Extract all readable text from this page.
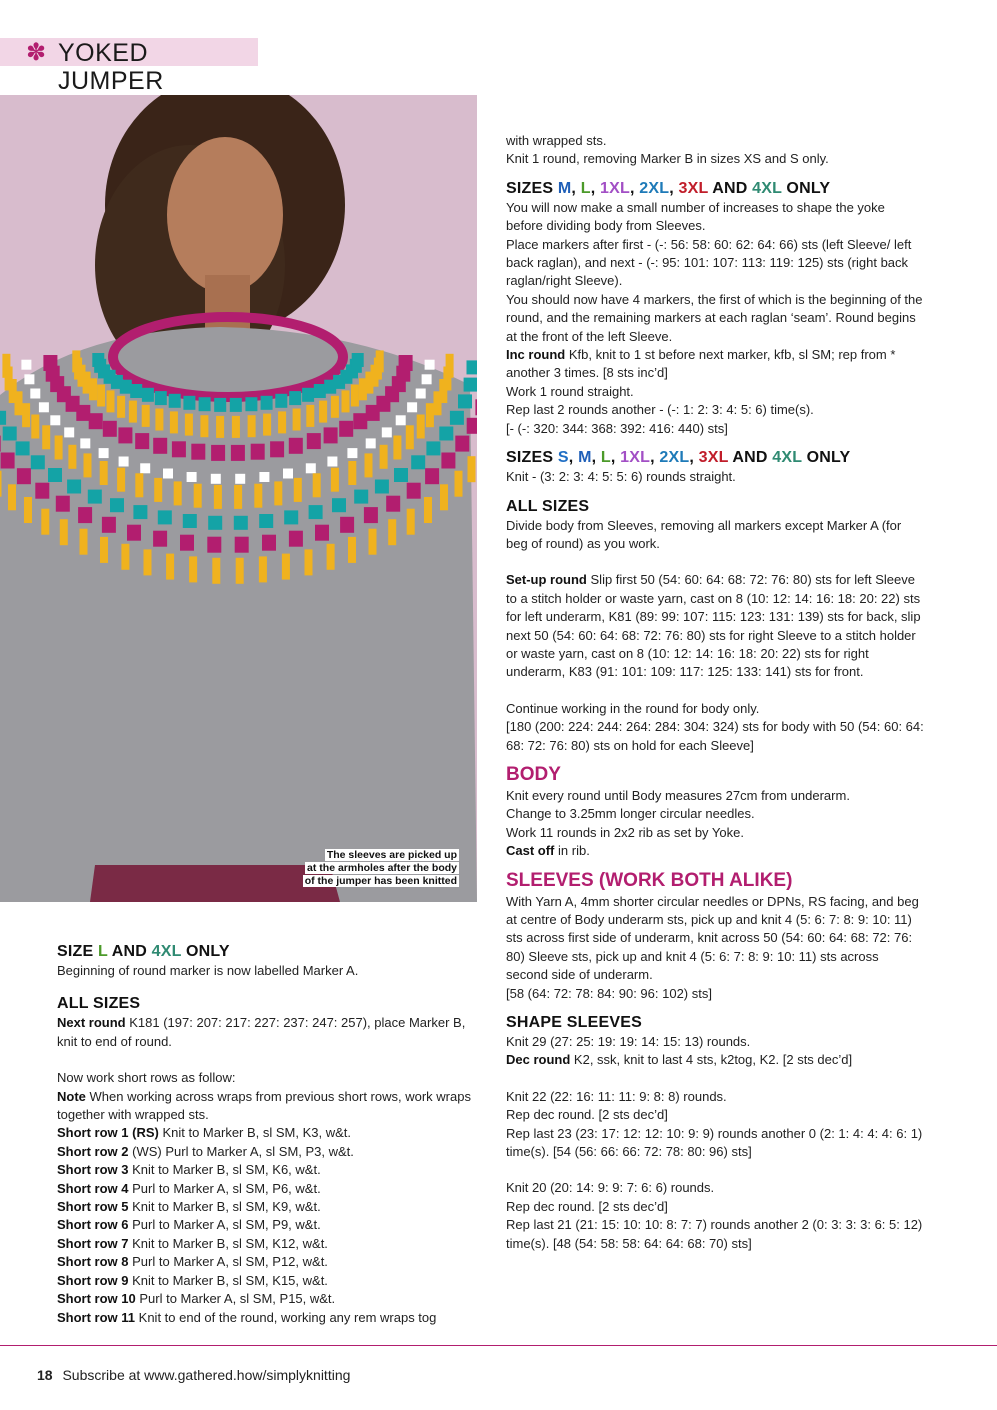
✽ YOKED JUMPER
The sleeves are picked up
at the armholes after the body
of the jumper has been knitted
SIZE L AND 4XL ONLY

Beginning of round marker is now labelled Marker A.

ALL SIZES

Next round K181 (197: 207: 217: 227: 237: 247: 257), place Marker B, knit to end of round.

Now work short rows as follow:

Note When working across wraps from previous short rows, work wraps together with wrapped sts.

Short row 1 (RS) Knit to Marker B, sl SM, K3, w&t.

Short row 2 (WS) Purl to Marker A, sl SM, P3, w&t.

Short row 3 Knit to Marker B, sl SM, K6, w&t.

Short row 4 Purl to Marker A, sl SM, P6, w&t.

Short row 5 Knit to Marker B, sl SM, K9, w&t.

Short row 6 Purl to Marker A, sl SM, P9, w&t.

Short row 7 Knit to Marker B, sl SM, K12, w&t.

Short row 8 Purl to Marker A, sl SM, P12, w&t.

Short row 9 Knit to Marker B, sl SM, K15, w&t.

Short row 10 Purl to Marker A, sl SM, P15, w&t.

Short row 11 Knit to end of the round, working any rem wraps tog

with wrapped sts.

Knit 1 round, removing Marker B in sizes XS and S only.

SIZES M, L, 1XL, 2XL, 3XL AND 4XL ONLY

You will now make a small number of increases to shape the yoke before dividing body from Sleeves.

Place markers after first - (-: 56: 58: 60: 62: 64: 66) sts (left Sleeve/ left back raglan), and next - (-: 95: 101: 107: 113: 119: 125) sts (right back raglan/right Sleeve).

You should now have 4 markers, the first of which is the beginning of the round, and the remaining markers at each raglan ‘seam’. Round begins at the front of the left Sleeve.

Inc round Kfb, knit to 1 st before next marker, kfb, sl SM; rep from * another 3 times. [8 sts inc’d]

Work 1 round straight.

Rep last 2 rounds another - (-: 1: 2: 3: 4: 5: 6) time(s).

[- (-: 320: 344: 368: 392: 416: 440) sts]

SIZES S, M, L, 1XL, 2XL, 3XL AND 4XL ONLY

Knit - (3: 2: 3: 4: 5: 5: 6) rounds straight.

ALL SIZES

Divide body from Sleeves, removing all markers except Marker A (for beg of round) as you work.

Set-up round Slip first 50 (54: 60: 64: 68: 72: 76: 80) sts for left Sleeve to a stitch holder or waste yarn, cast on 8 (10: 12: 14: 16: 18: 20: 22) sts for left underarm, K81 (89: 99: 107: 115: 123: 131: 139) sts for back, slip next 50 (54: 60: 64: 68: 72: 76: 80) sts for right Sleeve to a stitch holder or waste yarn, cast on 8 (10: 12: 14: 16: 18: 20: 22) sts for right underarm, K83 (91: 101: 109: 117: 125: 133: 141) sts for front.

Continue working in the round for body only.

[180 (200: 224: 244: 264: 284: 304: 324) sts for body with 50 (54: 60: 64: 68: 72: 76: 80) sts on hold for each Sleeve]

BODY

Knit every round until Body measures 27cm from underarm.

Change to 3.25mm longer circular needles.

Work 11 rounds in 2x2 rib as set by Yoke.

Cast off in rib.

SLEEVES (WORK BOTH ALIKE)

With Yarn A, 4mm shorter circular needles or DPNs, RS facing, and beg at centre of Body underarm sts, pick up and knit 4 (5: 6: 7: 8: 9: 10: 11) sts across first side of underarm, knit across 50 (54: 60: 64: 68: 72: 76: 80) Sleeve sts, pick up and knit 4 (5: 6: 7: 8: 9: 10: 11) sts across second side of underarm.

[58 (64: 72: 78: 84: 90: 96: 102) sts]

SHAPE SLEEVES

Knit 29 (27: 25: 19: 19: 14: 15: 13) rounds.

Dec round K2, ssk, knit to last 4 sts, k2tog, K2. [2 sts dec’d]

Knit 22 (22: 16: 11: 11: 9: 8: 8) rounds.

Rep dec round. [2 sts dec’d]

Rep last 23 (23: 17: 12: 12: 10: 9: 9) rounds another 0 (2: 1: 4: 4: 4: 6: 1) time(s). [54 (56: 66: 66: 72: 78: 80: 96) sts]

Knit 20 (20: 14: 9: 9: 7: 6: 6) rounds.

Rep dec round. [2 sts dec’d]

Rep last 21 (21: 15: 10: 10: 8: 7: 7) rounds another 2 (0: 3: 3: 3: 6: 5: 12) time(s). [48 (54: 58: 58: 64: 64: 68: 70) sts]

18 Subscribe at www.gathered.how/simplyknitting
